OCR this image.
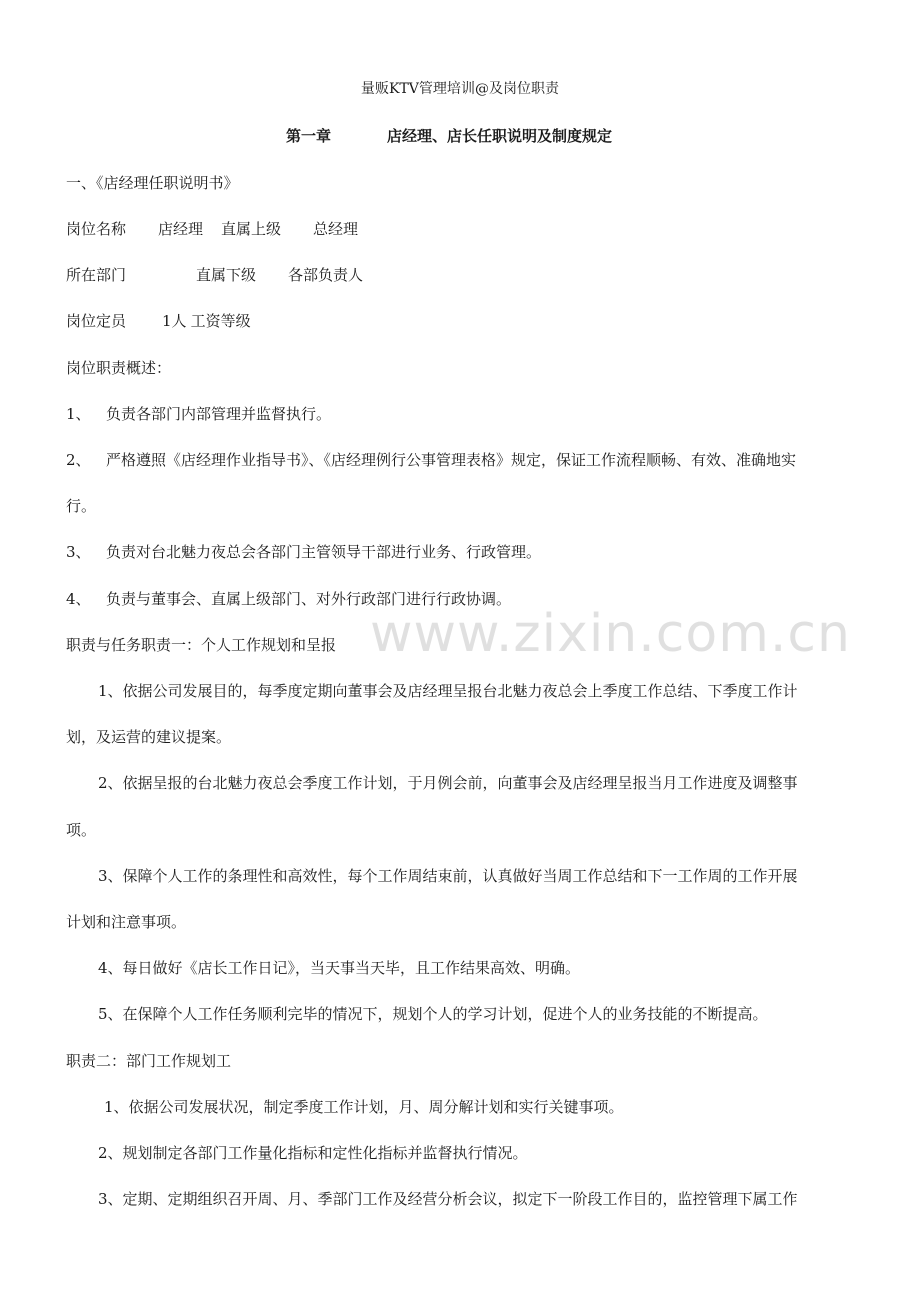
量贩KTV管理培训@及岗位职责
第一章	店经理、店长任职说明及制度规定
一、《店经理任职说明书》
岗位名称 店经理 直属上级 总经理
所在部门	直属下级 各部负责人
岗位定员 1人 工资等级
岗位职责概述：
1、 负责各部门内部管理并监督执行。
2、 严格遵照《店经理作业指导书》、《店经理例行公事管理表格》规定，保证工作流程顺畅、有效、准确地实
行。
3、 负责对台北魅力夜总会各部门主管领导干部进行业务、行政管理。
4、 负责与董事会、直属上级部门、对外行政部门进行行政协调。
职责与任务职责一：个人工作规划和呈报
1、依据公司发展目的，每季度定期向董事会及店经理呈报台北魅力夜总会上季度工作总结、下季度工作计
划，及运营的建议提案。
2、依据呈报的台北魅力夜总会季度工作计划，于月例会前，向董事会及店经理呈报当月工作进度及调整事
项。
3、保障个人工作的条理性和高效性，每个工作周结束前，认真做好当周工作总结和下一工作周的工作开展
计划和注意事项。
4、每日做好《店长工作日记》，当天事当天毕，且工作结果高效、明确。
5、在保障个人工作任务顺利完毕的情况下，规划个人的学习计划，促进个人的业务技能的不断提高。
职责二：部门工作规划工
1、依据公司发展状况，制定季度工作计划，月、周分解计划和实行关键事项。
2、规划制定各部门工作量化指标和定性化指标并监督执行情况。
3、定期、定期组织召开周、月、季部门工作及经营分析会议，拟定下一阶段工作目的，监控管理下属工作
www.zixin.com.cn
